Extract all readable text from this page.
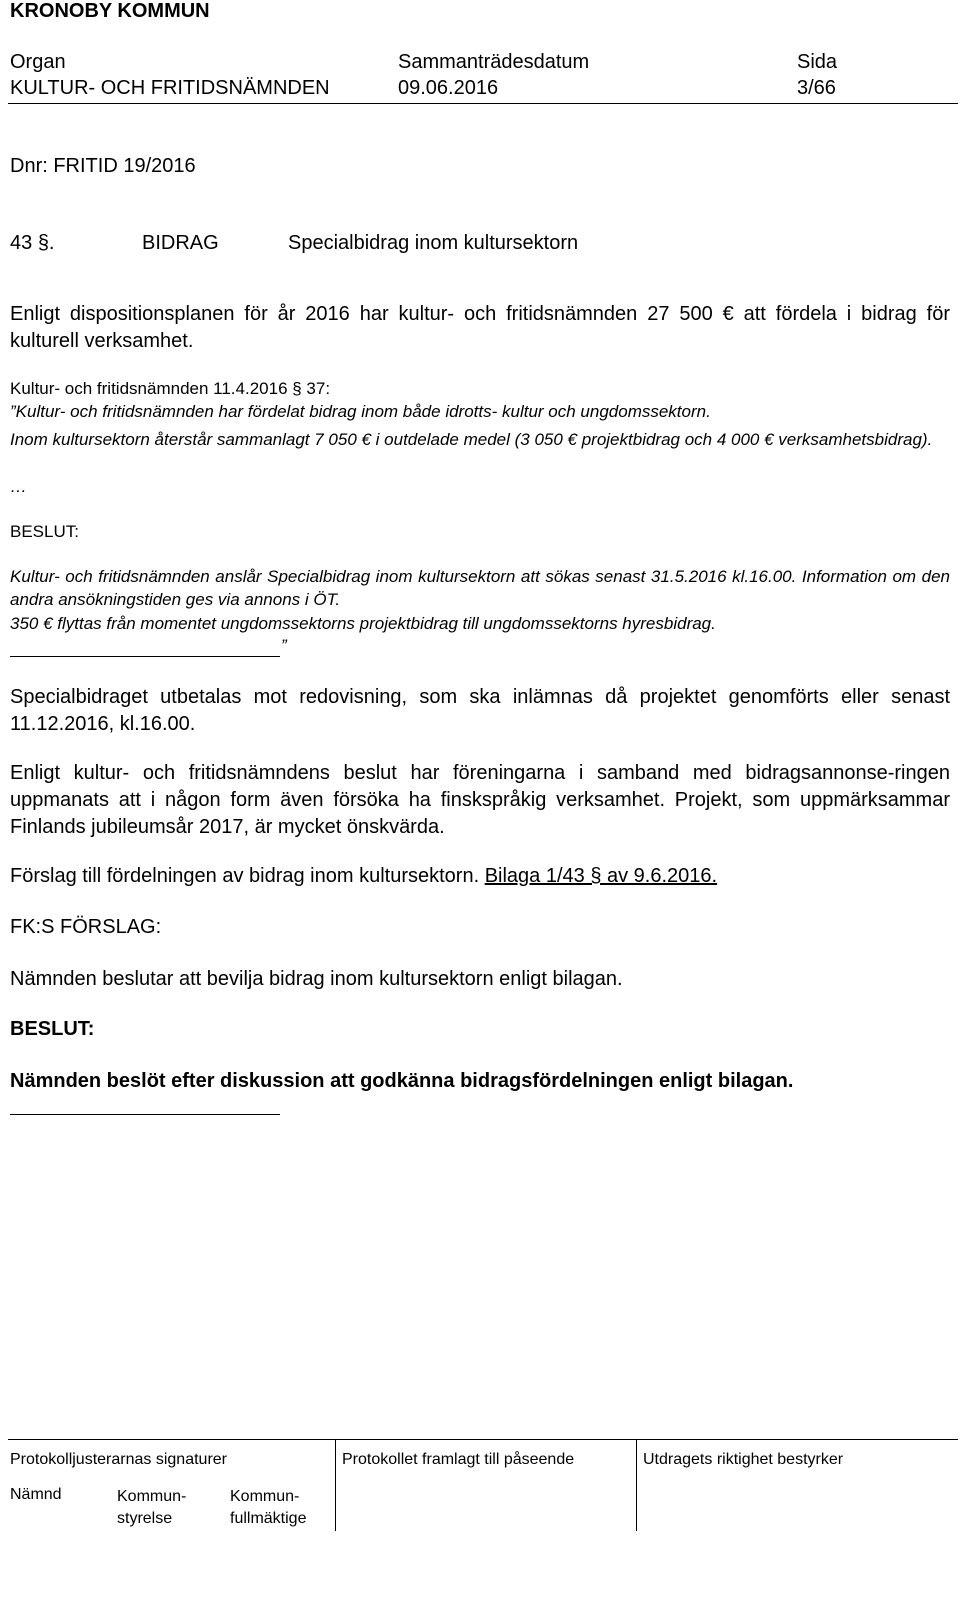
KRONOBY KOMMUN
Organ	Sammanträdesdatum	Sida
KULTUR- OCH FRITIDSNÄMNDEN	09.06.2016	3/66
Dnr: FRITID 19/2016
43 §.	BIDRAG	Specialbidrag inom kultursektorn
Enligt dispositionsplanen för år 2016 har kultur- och fritidsnämnden 27 500 € att fördela i bidrag för kulturell verksamhet.
Kultur- och fritidsnämnden 11.4.2016 § 37:
”Kultur- och fritidsnämnden har fördelat bidrag inom både idrotts- kultur och ungdomssektorn.
Inom kultursektorn återstår sammanlagt 7 050 € i outdelade medel (3 050 € projektbidrag och 4 000 € verksamhetsbidrag).
…
BESLUT:
Kultur- och fritidsnämnden anslår Specialbidrag inom kultursektorn att sökas senast 31.5.2016 kl.16.00. Information om den andra ansökningstiden ges via annons i ÖT.
350 € flyttas från momentet ungdomssektorns projektbidrag till ungdomssektorns hyresbidrag.
”
Specialbidraget utbetalas mot redovisning, som ska inlämnas då projektet genomförts eller senast 11.12.2016, kl.16.00.
Enligt kultur- och fritidsnämndens beslut har föreningarna i samband med bidragsannonse-ringen uppmanats att i någon form även försöka ha finskspråkig verksamhet. Projekt, som uppmärksammar Finlands jubileumsår 2017, är mycket önskvärda.
Förslag till fördelningen av bidrag inom kultursektorn. Bilaga 1/43 § av 9.6.2016.
FK:S FÖRSLAG:
Nämnden beslutar att bevilja bidrag inom kultursektorn enligt bilagan.
BESLUT:
Nämnden beslöt efter diskussion att godkänna bidragsfördelningen enligt bilagan.
Protokolljusterarnas signaturer	Protokollet framlagt till påseende	Utdragets riktighet bestyrker
Nämnd	Kommun-
styrelse
Kommun-
fullmäktige
